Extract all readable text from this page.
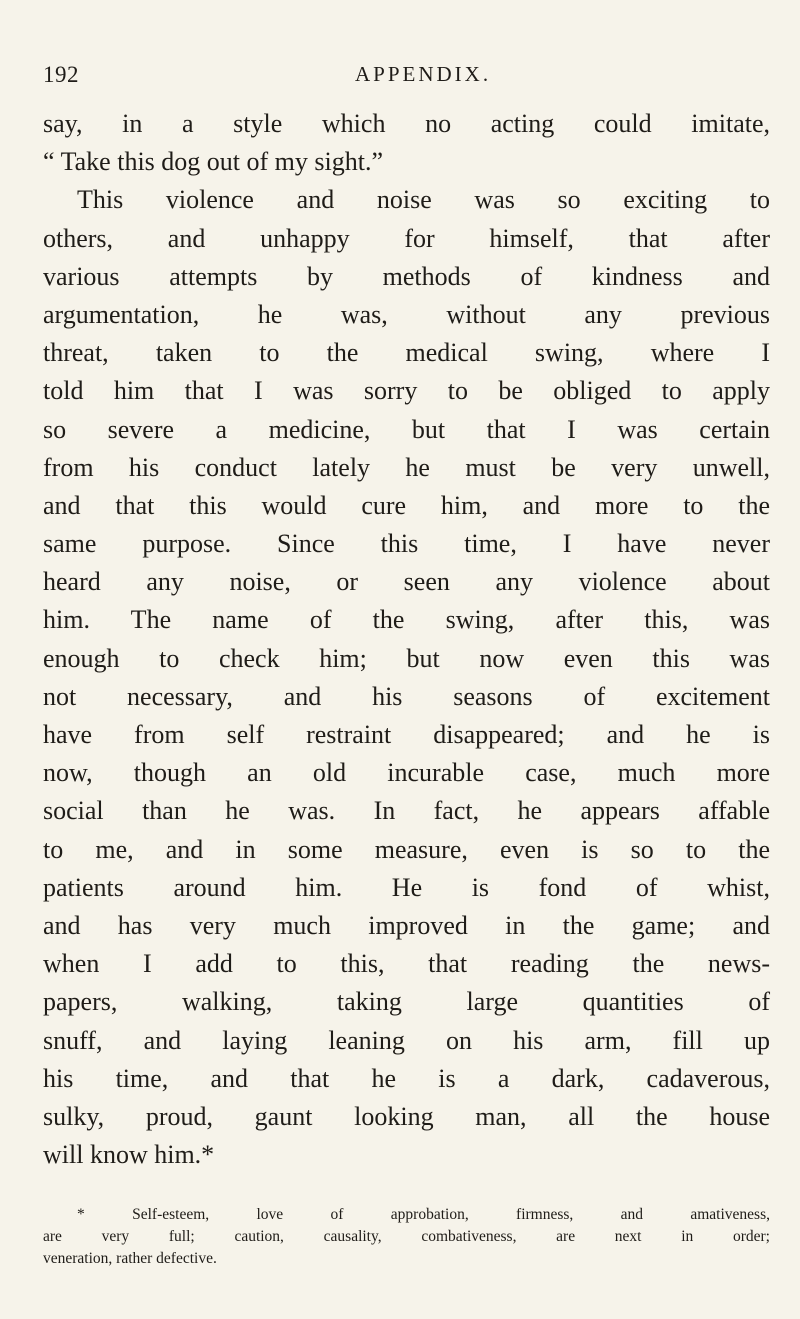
192	APPENDIX.
say, in a style which no acting could imitate,
“ Take this dog out of my sight.”
This violence and noise was so exciting to
others, and unhappy for himself, that after
various attempts by methods of kindness and
argumentation, he was, without any previous
threat, taken to the medical swing, where I
told him that I was sorry to be obliged to apply
so severe a medicine, but that I was certain
from his conduct lately he must be very unwell,
and that this would cure him, and more to the
same purpose. Since this time, I have never
heard any noise, or seen any violence about
him. The name of the swing, after this, was
enough to check him; but now even this was
not necessary, and his seasons of excitement
have from self restraint disappeared; and he is
now, though an old incurable case, much more
social than he was. In fact, he appears affable
to me, and in some measure, even is so to the
patients around him. He is fond of whist,
and has very much improved in the game; and
when I add to this, that reading the news-
papers, walking, taking large quantities of
snuff, and laying leaning on his arm, fill up
his time, and that he is a dark, cadaverous,
sulky, proud, gaunt looking man, all the house
will know him.*
* Self-esteem, love of approbation, firmness, and amativeness,
are very full; caution, causality, combativeness, are next in order;
veneration, rather defective.
